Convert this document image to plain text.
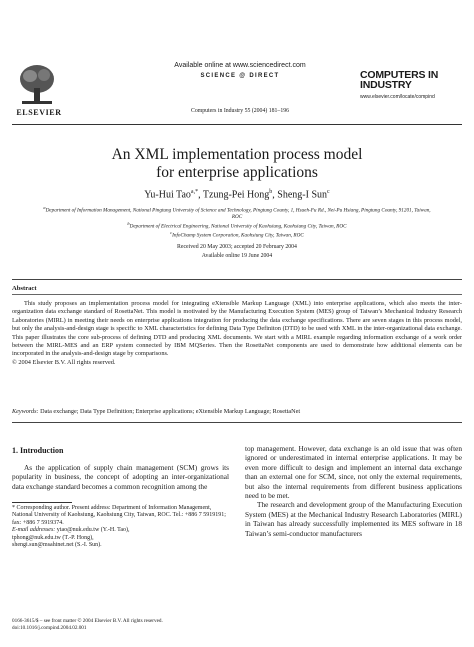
ELSEVIER
Available online at www.sciencedirect.com
SCIENCE @ DIRECT
Computers in Industry 55 (2004) 181–196
COMPUTERS IN
INDUSTRY
www.elsevier.com/locate/compind
An XML implementation process model
for enterprise applications
Yu-Hui Tao$^{a,*}$, Tzung-Pei Hong$^b$, Sheng-I Sun$^c$
$^a$Department of Information Management, National Pingtung University of Science and Technology, Pingtung County, 1, Hsueh-Fu Rd., Nei-Pu Hsiang, Pingtung County, 91201, Taiwan, ROC
$^b$Department of Electrical Engineering, National University of Kaohsiung, Kaohsiung City, Taiwan, ROC
$^c$InfoChamp System Corporation, Kaohsiung City, Taiwan, ROC
Received 20 May 2003; accepted 20 February 2004
Available online 19 June 2004
Abstract
This study proposes an implementation process model for integrating eXtensible Markup Language (XML) into enterprise applications, which also meets the inter-organization data exchange standard of RosettaNet. This model is motivated by the Manufacturing Execution System (MES) group of Taiwan’s Mechanical Industry Research Laboratories (MIRL) in meeting their needs on enterprise applications integration for producing the data exchange specifications. There are seven stages in this process model, but only the analysis-and-design stage is specific to XML characteristics for defining Data Type Definiton (DTD) to be used with XML in the inter-organizational data exchange. This paper illustrates the core sub-process of defining DTD and producing XML documents. We start with a MIRL example regarding information exchange of a work order between the MIRL-MES and an ERP system connected by IBM MQSeries. Then the RosettaNet components are used to demonstrate how additional elements can be incorporated in the analysis-and-design stage by comparisons.
© 2004 Elsevier B.V. All rights reserved.
Keywords: Data exchange; Data Type Definition; Enterprise applications; eXtensible Markup Language; RosettaNet
1. Introduction

As the application of supply chain management (SCM) grows its popularity in business, the concept of adopting an inter-organizational data exchange standard becomes a common recognition among the

* Corresponding author. Present address: Department of Information Management, National University of Kaohsiung, Kaohsiung City, Taiwan, ROC. Tel.: +886 7 5919191; fax: +886 7 5919374.
E-mail addresses: ytao@nuk.edu.tw (Y.-H. Tao),
tphong@nuk.edu.tw (T.-P. Hong),
shengi.sun@msahinet.net (S.-I. Sun).
0166-3615/$ – see front matter © 2004 Elsevier B.V. All rights reserved.
doi:10.1016/j.compind.2004.02.001

top management. However, data exchange is an old issue that was often ignored or underestimated in internal enterprise applications. It may be even more difficult to design and implement an internal data exchange than an external one for SCM, since, not only the external requirements, but also the internal requirements from different business applications need to be met.

The research and development group of the Manufacturing Execution System (MES) at the Mechanical Industry Research Laboratories (MIRL) in Taiwan has already successfully implemented its MES software in 18 Taiwan’s semi-conductor manufacturers
